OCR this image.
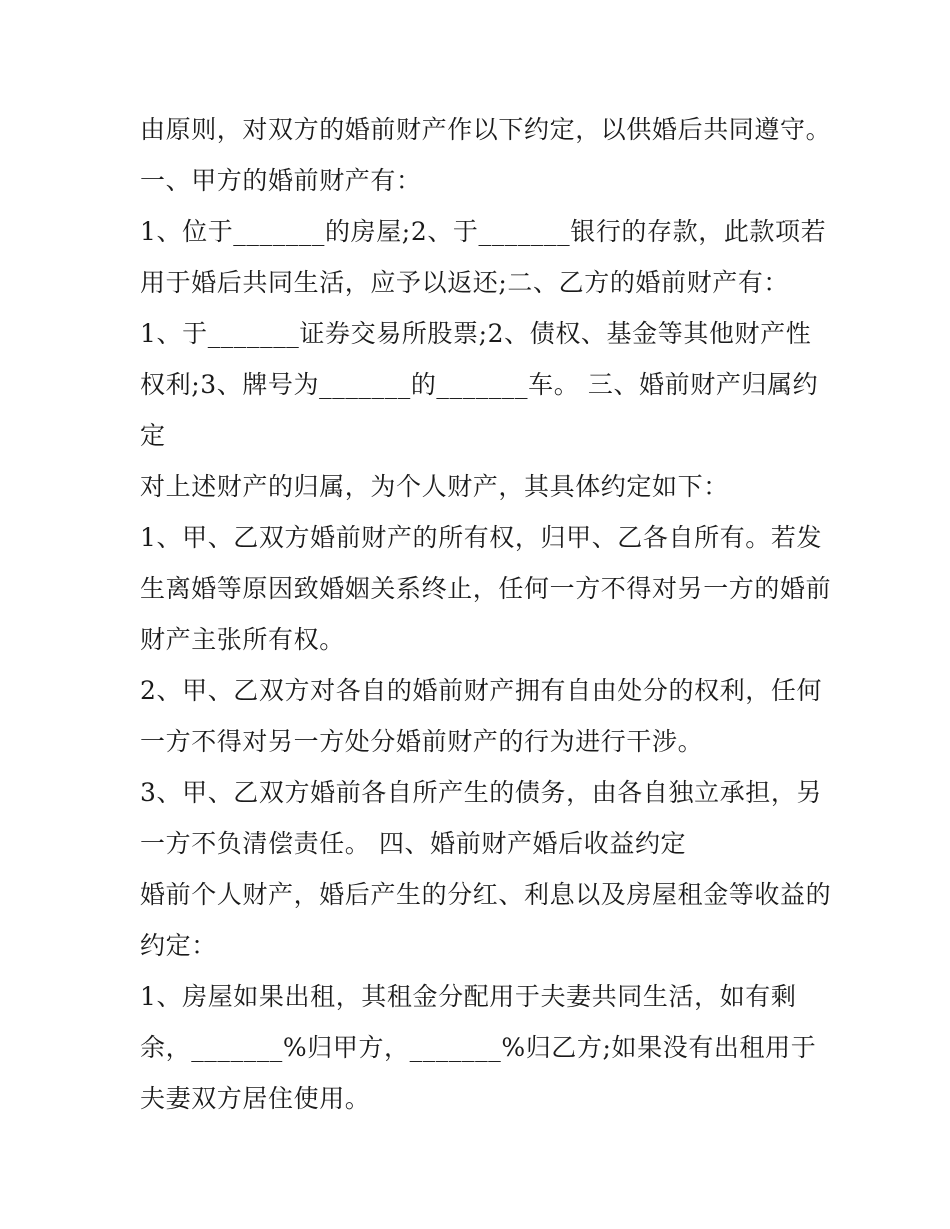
由原则，对双方的婚前财产作以下约定，以供婚后共同遵守。
一、甲方的婚前财产有：
1、位于_______的房屋;2、于_______银行的存款，此款项若
用于婚后共同生活，应予以返还;二、乙方的婚前财产有：
1、于_______证券交易所股票;2、债权、基金等其他财产性
权利;3、牌号为_______的_______车。 三、婚前财产归属约
定
对上述财产的归属，为个人财产，其具体约定如下：
1、甲、乙双方婚前财产的所有权，归甲、乙各自所有。若发
生离婚等原因致婚姻关系终止，任何一方不得对另一方的婚前
财产主张所有权。
2、甲、乙双方对各自的婚前财产拥有自由处分的权利，任何
一方不得对另一方处分婚前财产的行为进行干涉。
3、甲、乙双方婚前各自所产生的债务，由各自独立承担，另
一方不负清偿责任。 四、婚前财产婚后收益约定
婚前个人财产，婚后产生的分红、利息以及房屋租金等收益的
约定：
1、房屋如果出租，其租金分配用于夫妻共同生活，如有剩
余，_______%归甲方，_______%归乙方;如果没有出租用于
夫妻双方居住使用。
